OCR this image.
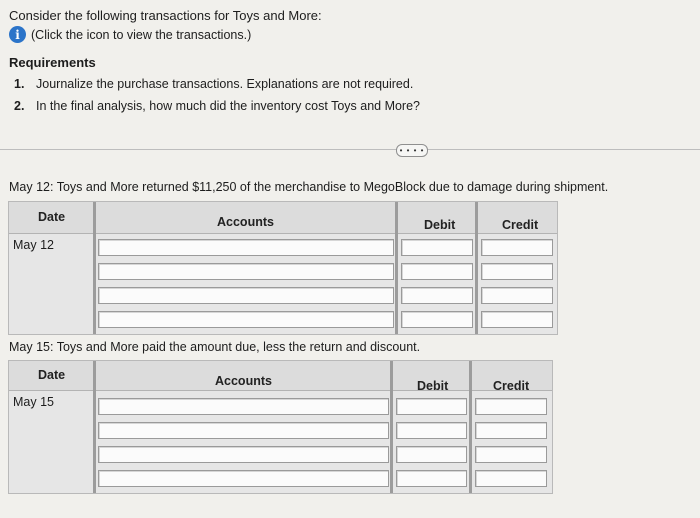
Consider the following transactions for Toys and More:
i (Click the icon to view the transactions.)
Requirements
1. Journalize the purchase transactions. Explanations are not required.
2. In the final analysis, how much did the inventory cost Toys and More?
• • • •
May 12: Toys and More returned $11,250 of the merchandise to MegoBlock due to damage during shipment.
Date	Accounts	Debit	Credit
May 12
May 15: Toys and More paid the amount due, less the return and discount.
Date	Accounts	Debit	Credit
May 15
